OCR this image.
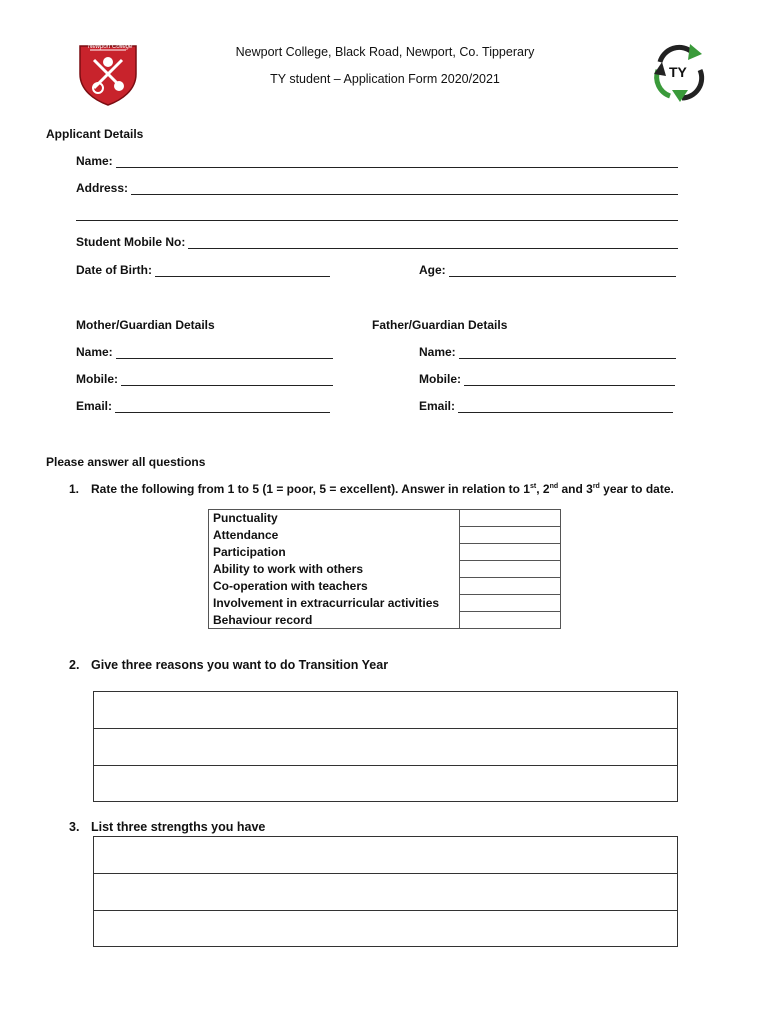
Newport College
TY
Newport College, Black Road, Newport, Co. Tipperary
TY student – Application Form 2020/2021
Applicant Details
Name:
Address:
Student Mobile No:
Date of Birth:	Age:
Mother/Guardian Details	Father/Guardian Details
Name:	Name:
Mobile:	Mobile:
Email:	Email:
Please answer all questions
1. Rate the following from 1 to 5 (1 = poor, 5 = excellent). Answer in relation to 1st, 2nd and 3rd year to date.
Punctuality	
Attendance	
Participation	
Ability to work with others	
Co-operation with teachers	
Involvement in extracurricular activities	
Behaviour record	
2. Give three reasons you want to do Transition Year
3. List three strengths you have
